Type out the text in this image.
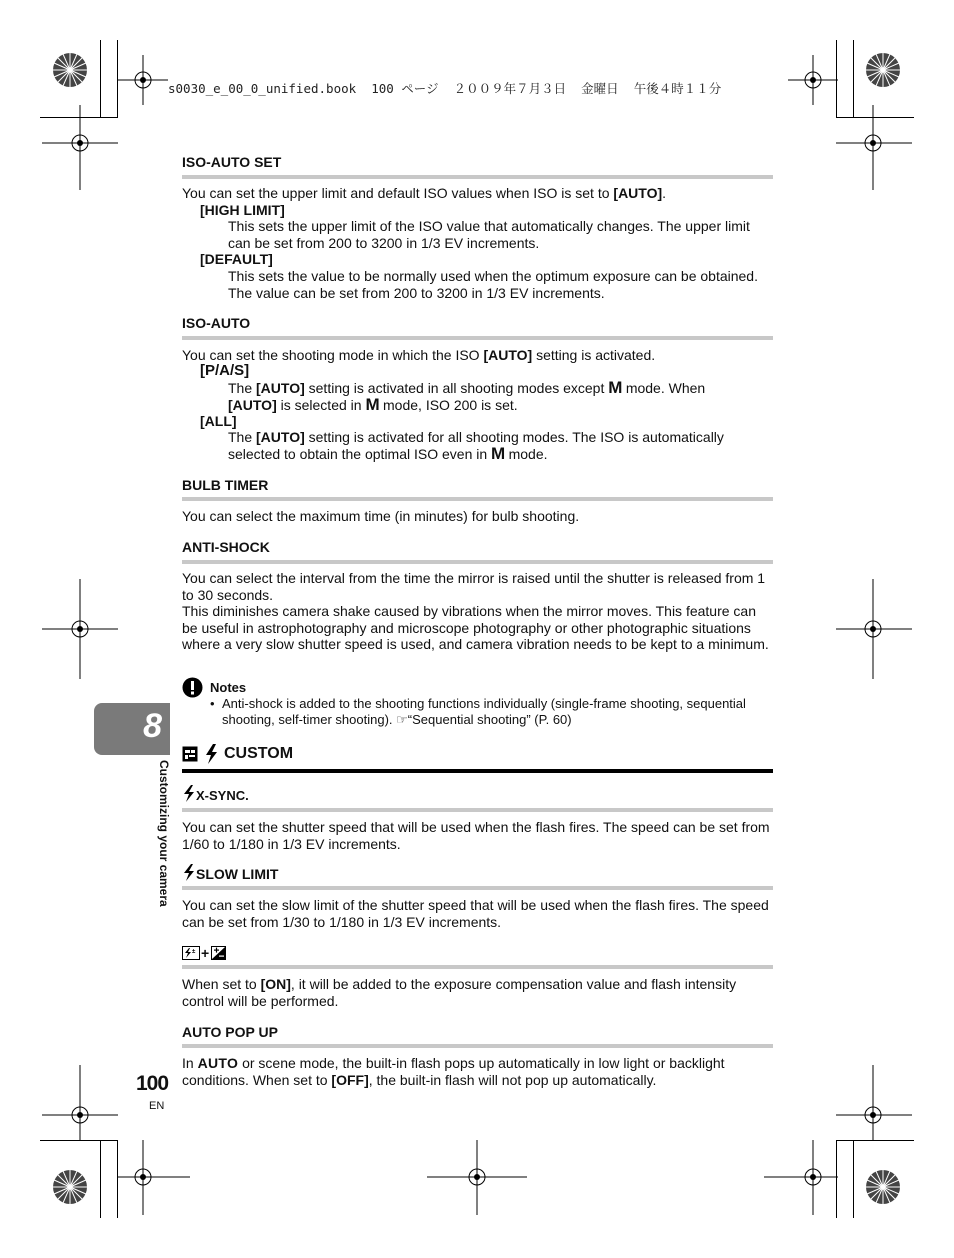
s0030_e_00_0_unified.book  100 ページ  ２００９年７月３日  金曜日  午後４時１１分
ISO-AUTO SET

You can set the upper limit and default ISO values when ISO is set to [AUTO].

[HIGH LIMIT]

This sets the upper limit of the ISO value that automatically changes. The upper limit can be set from 200 to 3200 in 1/3 EV increments.

[DEFAULT]

This sets the value to be normally used when the optimum exposure can be obtained. The value can be set from 200 to 3200 in 1/3 EV increments.

ISO-AUTO

You can set the shooting mode in which the ISO [AUTO] setting is activated.

[P/A/S]

The [AUTO] setting is activated in all shooting modes except M mode. When
[AUTO] is selected in M mode, ISO 200 is set.

[ALL]

The [AUTO] setting is activated for all shooting modes. The ISO is automatically selected to obtain the optimal ISO even in M mode.

BULB TIMER

You can select the maximum time (in minutes) for bulb shooting.

ANTI-SHOCK

You can select the interval from the time the mirror is raised until the shutter is released from 1 to 30 seconds.

This diminishes camera shake caused by vibrations when the mirror moves. This feature can be useful in astrophotography and microscope photography or other photographic situations where a very slow shutter speed is used, and camera vibration needs to be kept to a minimum.

Notes
• Anti-shock is added to the shooting functions individually (single-frame shooting, sequential shooting, self-timer shooting). ☞“Sequential shooting” (P. 60)

8
Customizing your camera
CUSTOM
X-SYNC.

You can set the shutter speed that will be used when the flash fires. The speed can be set from 1/60 to 1/180 in 1/3 EV increments.

SLOW LIMIT

You can set the slow limit of the shutter speed that will be used when the flash fires. The speed can be set from 1/30 to 1/180 in 1/3 EV increments.

± +

When set to [ON], it will be added to the exposure compensation value and flash intensity control will be performed.

AUTO POP UP

In AUTO or scene mode, the built-in flash pops up automatically in low light or backlight conditions. When set to [OFF], the built-in flash will not pop up automatically.

100
EN
